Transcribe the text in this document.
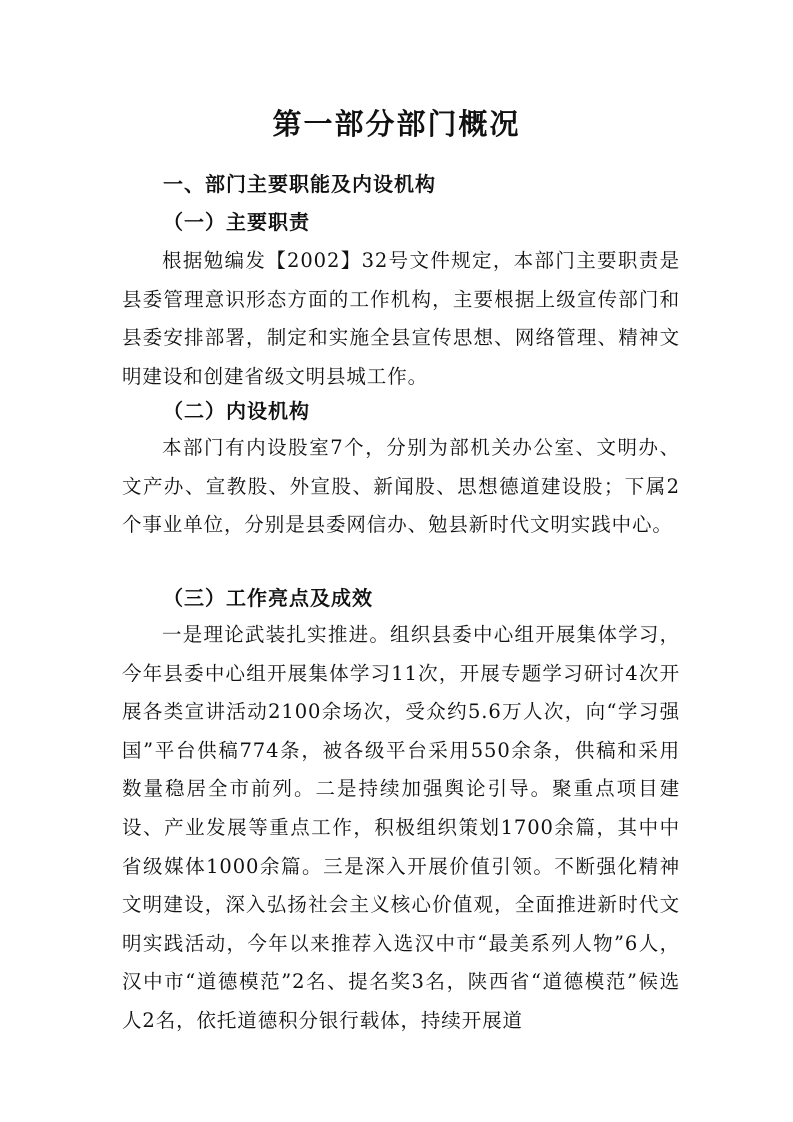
第一部分部门概况
一、部门主要职能及内设机构
（一）主要职责

根据勉编发【2002】32号文件规定，本部门主要职责是县委管理意识形态方面的工作机构，主要根据上级宣传部门和县委安排部署，制定和实施全县宣传思想、网络管理、精神文明建设和创建省级文明县城工作。

（二）内设机构

本部门有内设股室7个，分别为部机关办公室、文明办、文产办、宣教股、外宣股、新闻股、思想德道建设股；下属2个事业单位，分别是县委网信办、勉县新时代文明实践中心。

（三）工作亮点及成效

一是理论武装扎实推进。组织县委中心组开展集体学习，今年县委中心组开展集体学习11次，开展专题学习研讨4次开展各类宣讲活动2100余场次，受众约5.6万人次，向“学习强国”平台供稿774条，被各级平台采用550余条，供稿和采用数量稳居全市前列。二是持续加强舆论引导。聚重点项目建设、产业发展等重点工作，积极组织策划1700余篇，其中中省级媒体1000余篇。三是深入开展价值引领。不断强化精神文明建设，深入弘扬社会主义核心价值观，全面推进新时代文明实践活动，今年以来推荐入选汉中市“最美系列人物”6人，汉中市“道德模范”2名、提名奖3名，陕西省“道德模范”候选人2名，依托道德积分银行载体，持续开展道
